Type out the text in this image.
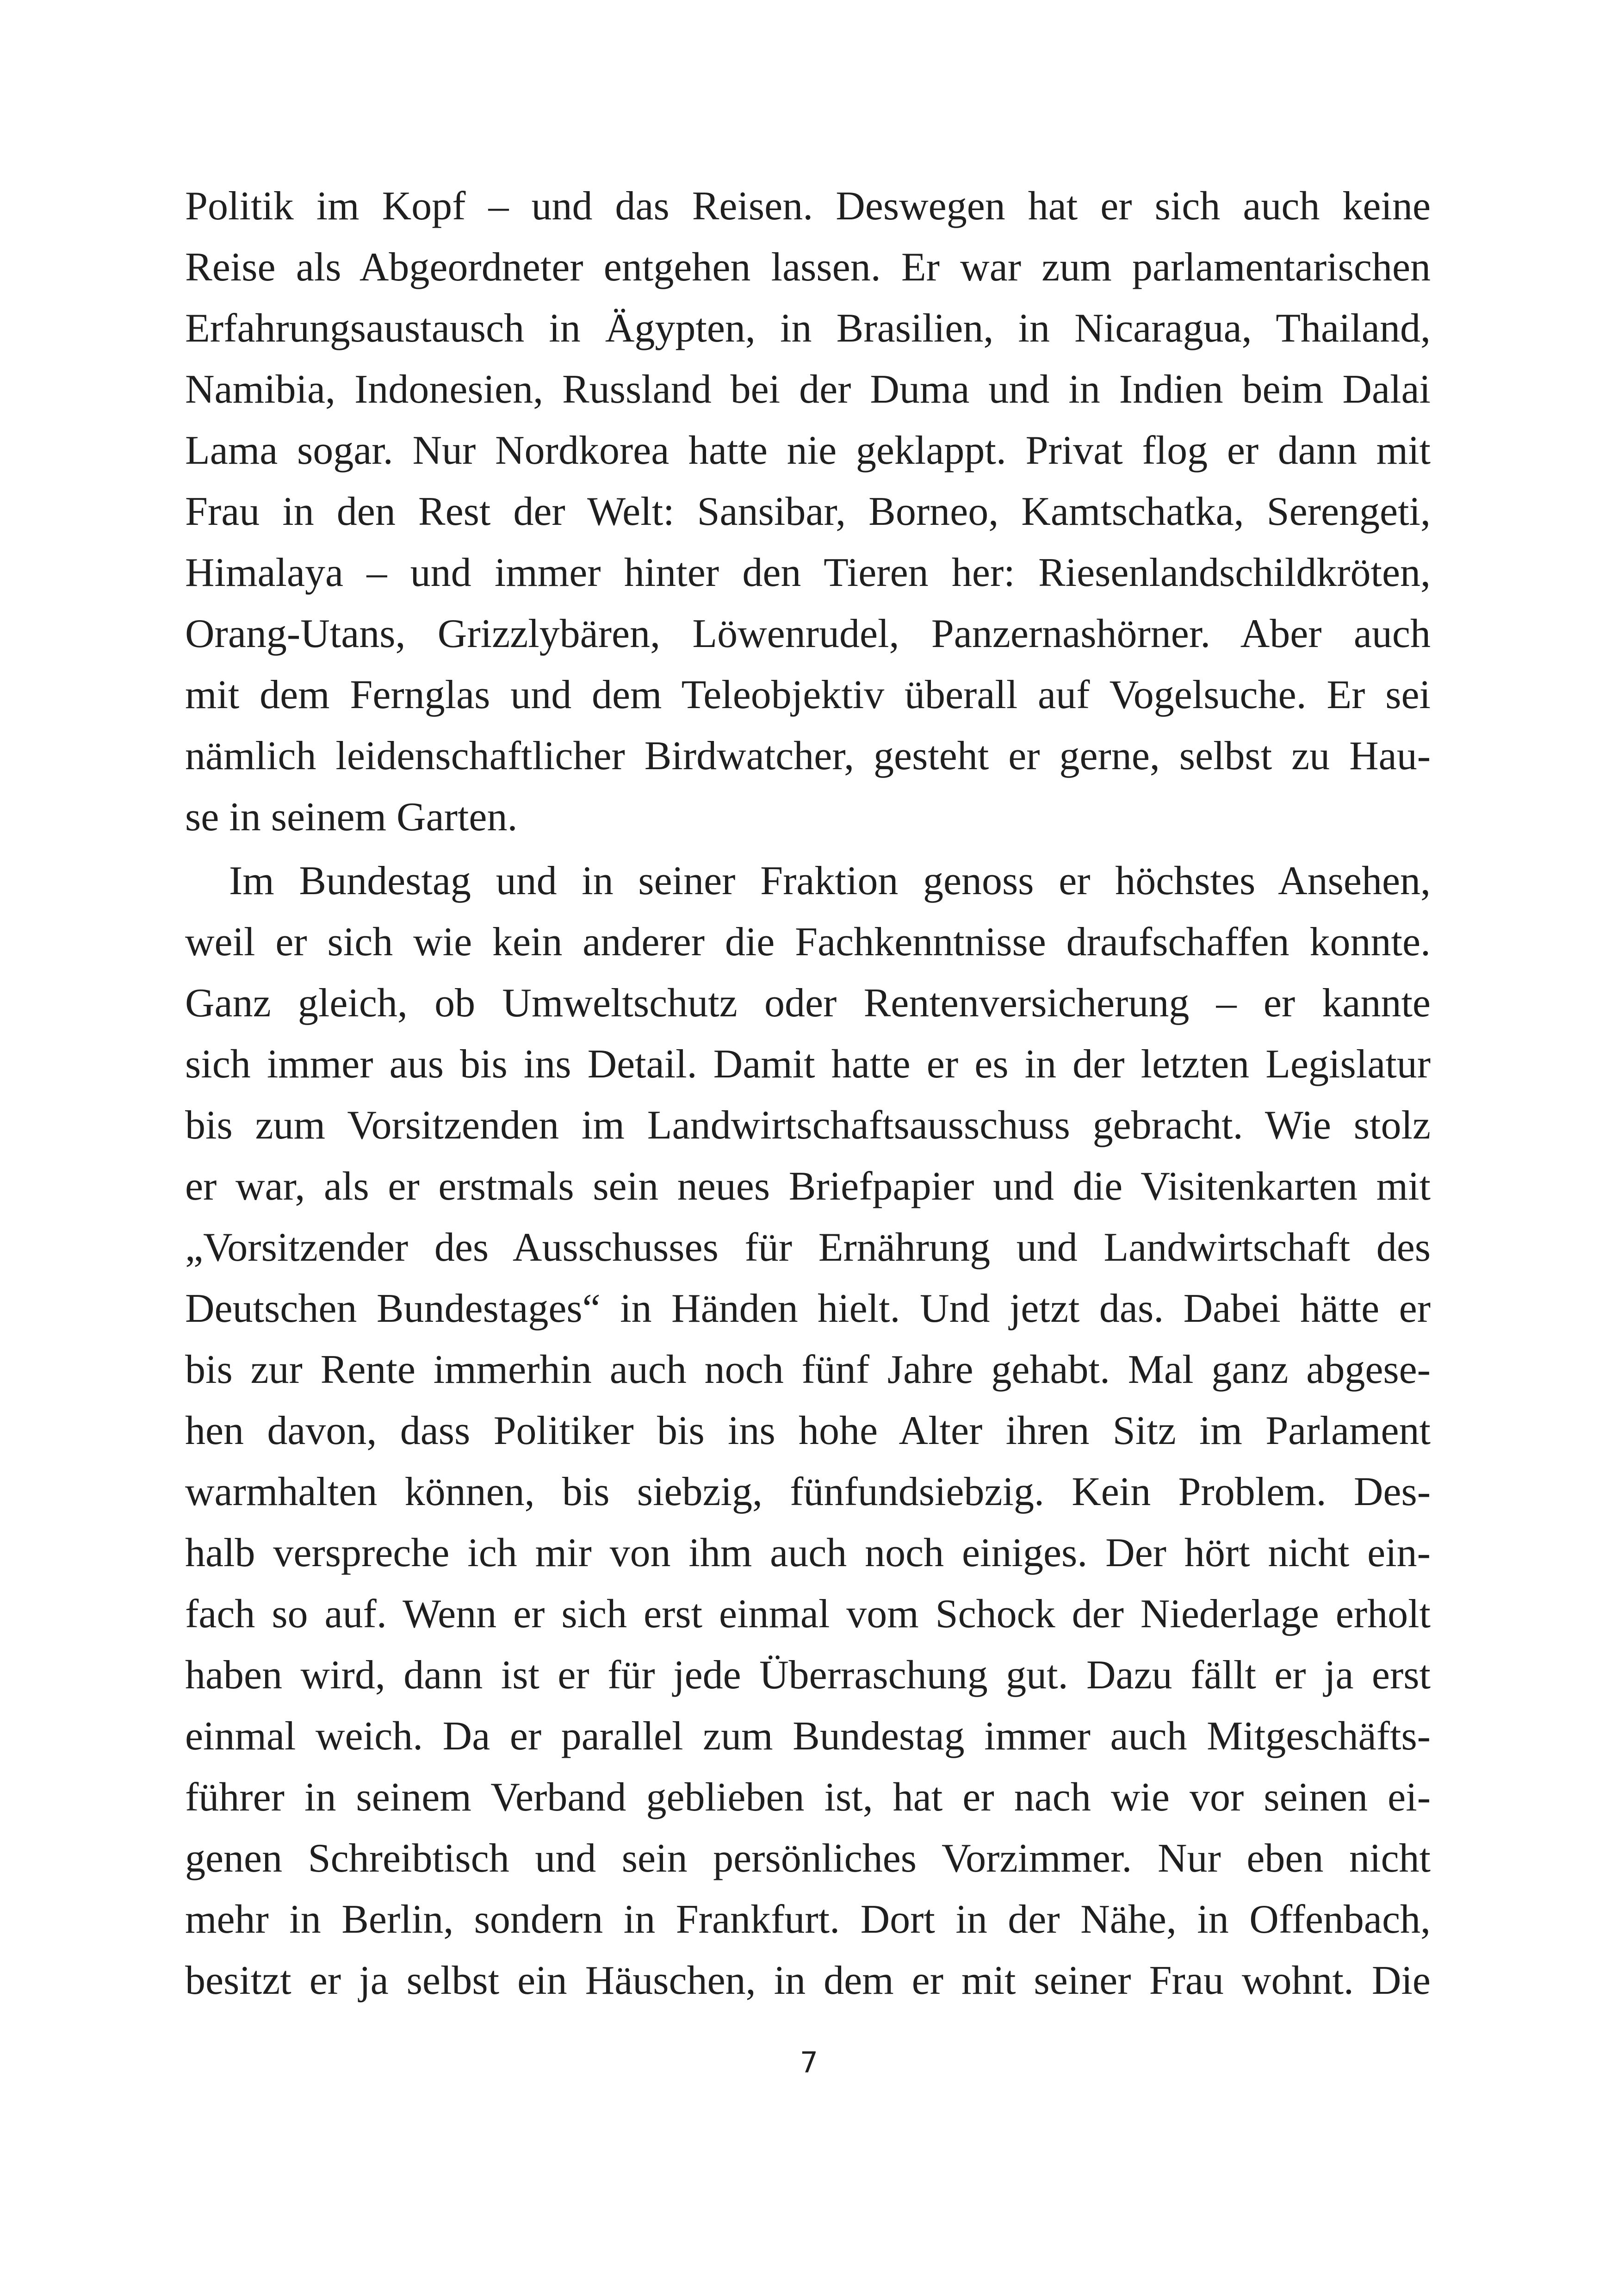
Politik im Kopf – und das Reisen. Deswegen hat er sich auch keine
Reise als Abgeordneter entgehen lassen. Er war zum parlamentarischen
Erfahrungsaustausch in Ägypten, in Brasilien, in Nicaragua, Thailand,
Namibia, Indonesien, Russland bei der Duma und in Indien beim Dalai
Lama sogar. Nur Nordkorea hatte nie geklappt. Privat flog er dann mit
Frau in den Rest der Welt: Sansibar, Borneo, Kamtschatka, Serengeti,
Himalaya – und immer hinter den Tieren her: Riesenlandschildkröten,
Orang-Utans, Grizzlybären, Löwenrudel, Panzernashörner. Aber auch
mit dem Fernglas und dem Teleobjektiv überall auf Vogelsuche. Er sei
nämlich leidenschaftlicher Birdwatcher, gesteht er gerne, selbst zu Hau-
se in seinem Garten.
Im Bundestag und in seiner Fraktion genoss er höchstes Ansehen,
weil er sich wie kein anderer die Fachkenntnisse draufschaffen konnte.
Ganz gleich, ob Umweltschutz oder Rentenversicherung – er kannte
sich immer aus bis ins Detail. Damit hatte er es in der letzten Legislatur
bis zum Vorsitzenden im Landwirtschaftsausschuss gebracht. Wie stolz
er war, als er erstmals sein neues Briefpapier und die Visitenkarten mit
„Vorsitzender des Ausschusses für Ernährung und Landwirtschaft des
Deutschen Bundestages“ in Händen hielt. Und jetzt das. Dabei hätte er
bis zur Rente immerhin auch noch fünf Jahre gehabt. Mal ganz abgese-
hen davon, dass Politiker bis ins hohe Alter ihren Sitz im Parlament
warmhalten können, bis siebzig, fünfundsiebzig. Kein Problem. Des-
halb verspreche ich mir von ihm auch noch einiges. Der hört nicht ein-
fach so auf. Wenn er sich erst einmal vom Schock der Niederlage erholt
haben wird, dann ist er für jede Überraschung gut. Dazu fällt er ja erst
einmal weich. Da er parallel zum Bundestag immer auch Mitgeschäfts-
führer in seinem Verband geblieben ist, hat er nach wie vor seinen ei-
genen Schreibtisch und sein persönliches Vorzimmer. Nur eben nicht
mehr in Berlin, sondern in Frankfurt. Dort in der Nähe, in Offenbach,
besitzt er ja selbst ein Häuschen, in dem er mit seiner Frau wohnt. Die
7
